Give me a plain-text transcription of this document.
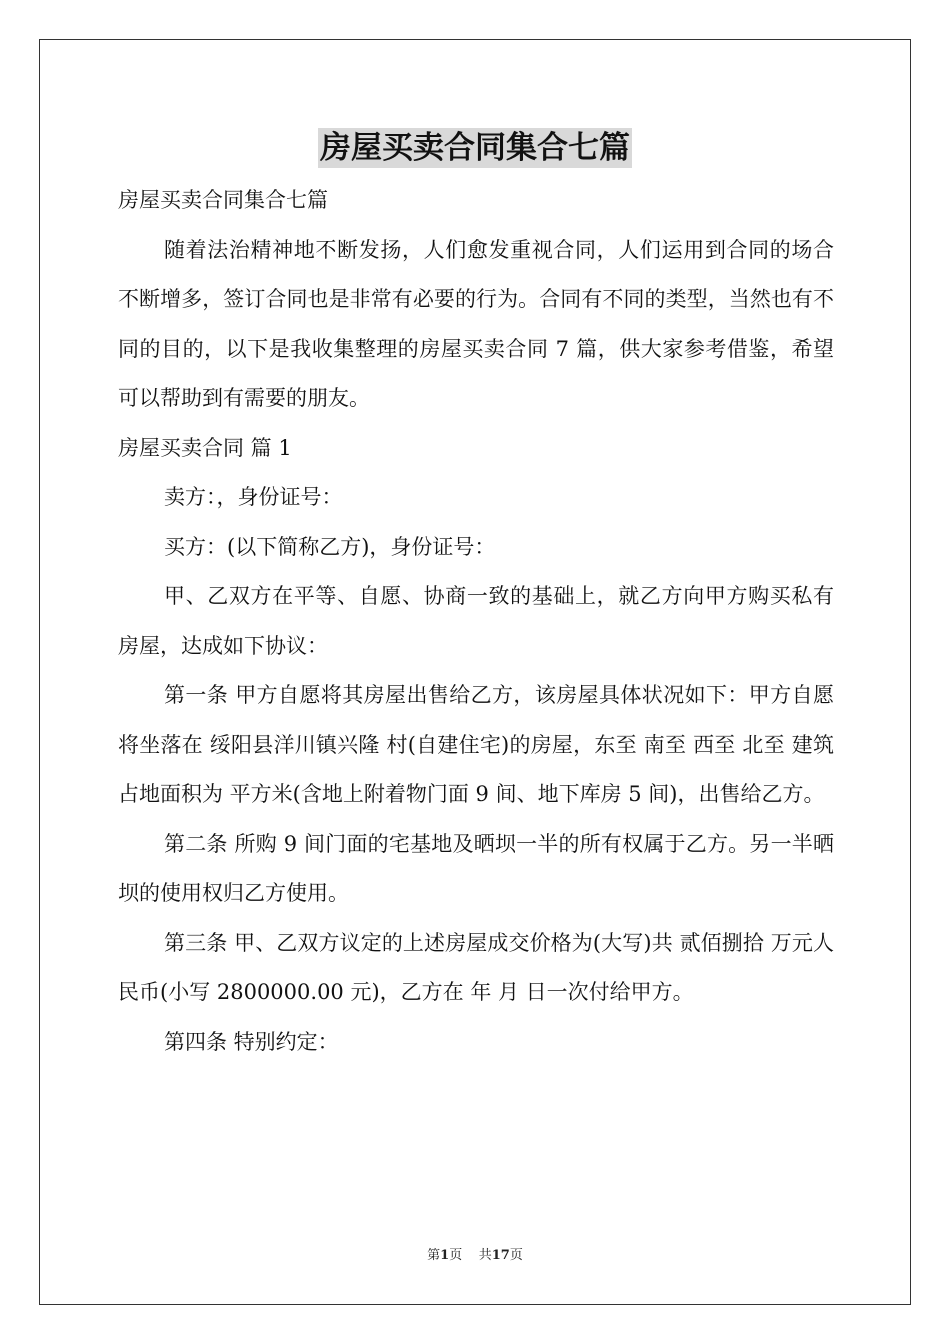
房屋买卖合同集合七篇

房屋买卖合同集合七篇

随着法治精神地不断发扬，人们愈发重视合同，人们运用到合同的场合不断增多，签订合同也是非常有必要的行为。合同有不同的类型，当然也有不同的目的，以下是我收集整理的房屋买卖合同 7 篇，供大家参考借鉴，希望可以帮助到有需要的朋友。

房屋买卖合同 篇 1

卖方：，身份证号：

买方：(以下简称乙方)，身份证号：

甲、乙双方在平等、自愿、协商一致的基础上，就乙方向甲方购买私有房屋，达成如下协议：

第一条 甲方自愿将其房屋出售给乙方，该房屋具体状况如下：甲方自愿将坐落在 绥阳县洋川镇兴隆 村(自建住宅)的房屋，东至 南至 西至 北至 建筑占地面积为 平方米(含地上附着物门面 9 间、地下库房 5 间)，出售给乙方。

第二条 所购 9 间门面的宅基地及晒坝一半的所有权属于乙方。另一半晒坝的使用权归乙方使用。

第三条 甲、乙双方议定的上述房屋成交价格为(大写)共 贰佰捌拾 万元人民币(小写 2800000.00 元)，乙方在 年 月 日一次付给甲方。

第四条 特别约定：

第1页 共17页
